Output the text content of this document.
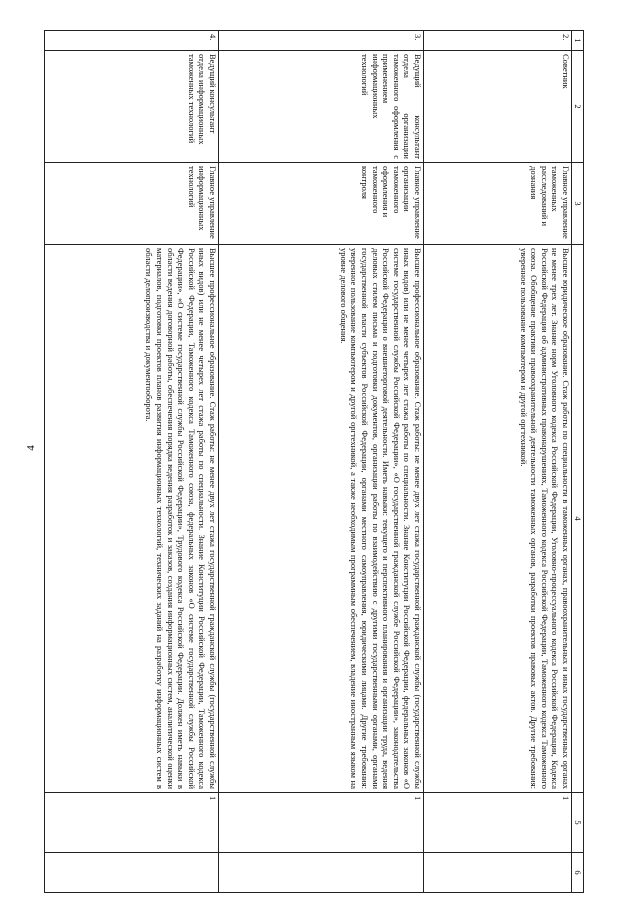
4
1	2	3	4	5	6
2.	Советник	Главное управление таможенных расследований и дознания	Высшее юридическое образование. Стаж работы по специальности в таможенных органах, правоохранительных и иных государственных органах не менее трех лет. Знание норм Уголовного кодекса Российской Федерации, Уголовно-процессуального кодекса Российской Федерации, Кодекса Российской Федерации об административных правонарушениях, Таможенного кодекса Российской Федерации, Таможенного кодекса Таможенного союза. Обобщение практики правоохранительной деятельности таможенных органов, разработки проектов правовых актов. Другие требования: уверенное пользование компьютером и другой оргтехникой.	1	
3.	Ведущий консультант отдела организации таможенного оформления с применением информационных технологий	Главное управление организации таможенного оформления и таможенного контроля	Высшее профессиональное образование. Стаж работы: не менее двух лет стажа государственной гражданской службы (государственной службы иных видов) или не менее четырех лет стажа работы по специальности. Знание Конституции Российской Федерации, федеральных законов «О системе государственной службы Российской Федерации», «О государственной гражданской службе Российской Федерации», законодательства Российской Федерации о внешнеторговой деятельности. Иметь навыки: текущего и перспективного планирования и организации труда, ведения деловых стилем письма и подготовки документов, организации работы по взаимодействию с другими государственными органами, органами государственной власти субъектов Российской Федерации, органами местного самоуправления, юридическими лицами. Другие требования: уверенное пользование компьютером и другой оргтехникой, а также необходимым программным обеспечением, владение иностранным языком на уровне делового общения.	1	
4.	Ведущий консультант отдела информационных таможенных технологий	Главное управление информационных технологий	Высшее профессиональное образование. Стаж работы: не менее двух лет стажа государственной гражданской службы (государственной службы иных видов) или не менее четырех лет стажа работы по специальности. Знание Конституции Российской Федерации, Таможенного кодекса Российской Федерации, Таможенного кодекса Таможенного союза, федеральных законов «О системе государственной службы Российской Федерации», «О системе государственной службы Российской Федерации», Трудового кодекса Российской Федерации. Должен иметь навыки в области ведения договорной работы, обеспечения порядка ведения разработок и заказов, создания информационных систем, аналитической оценки материалов, подготовки проектов планов развития информационных технологий, технических заданий на разработку информационных систем в области делопроизводства и документооборота.	1	
